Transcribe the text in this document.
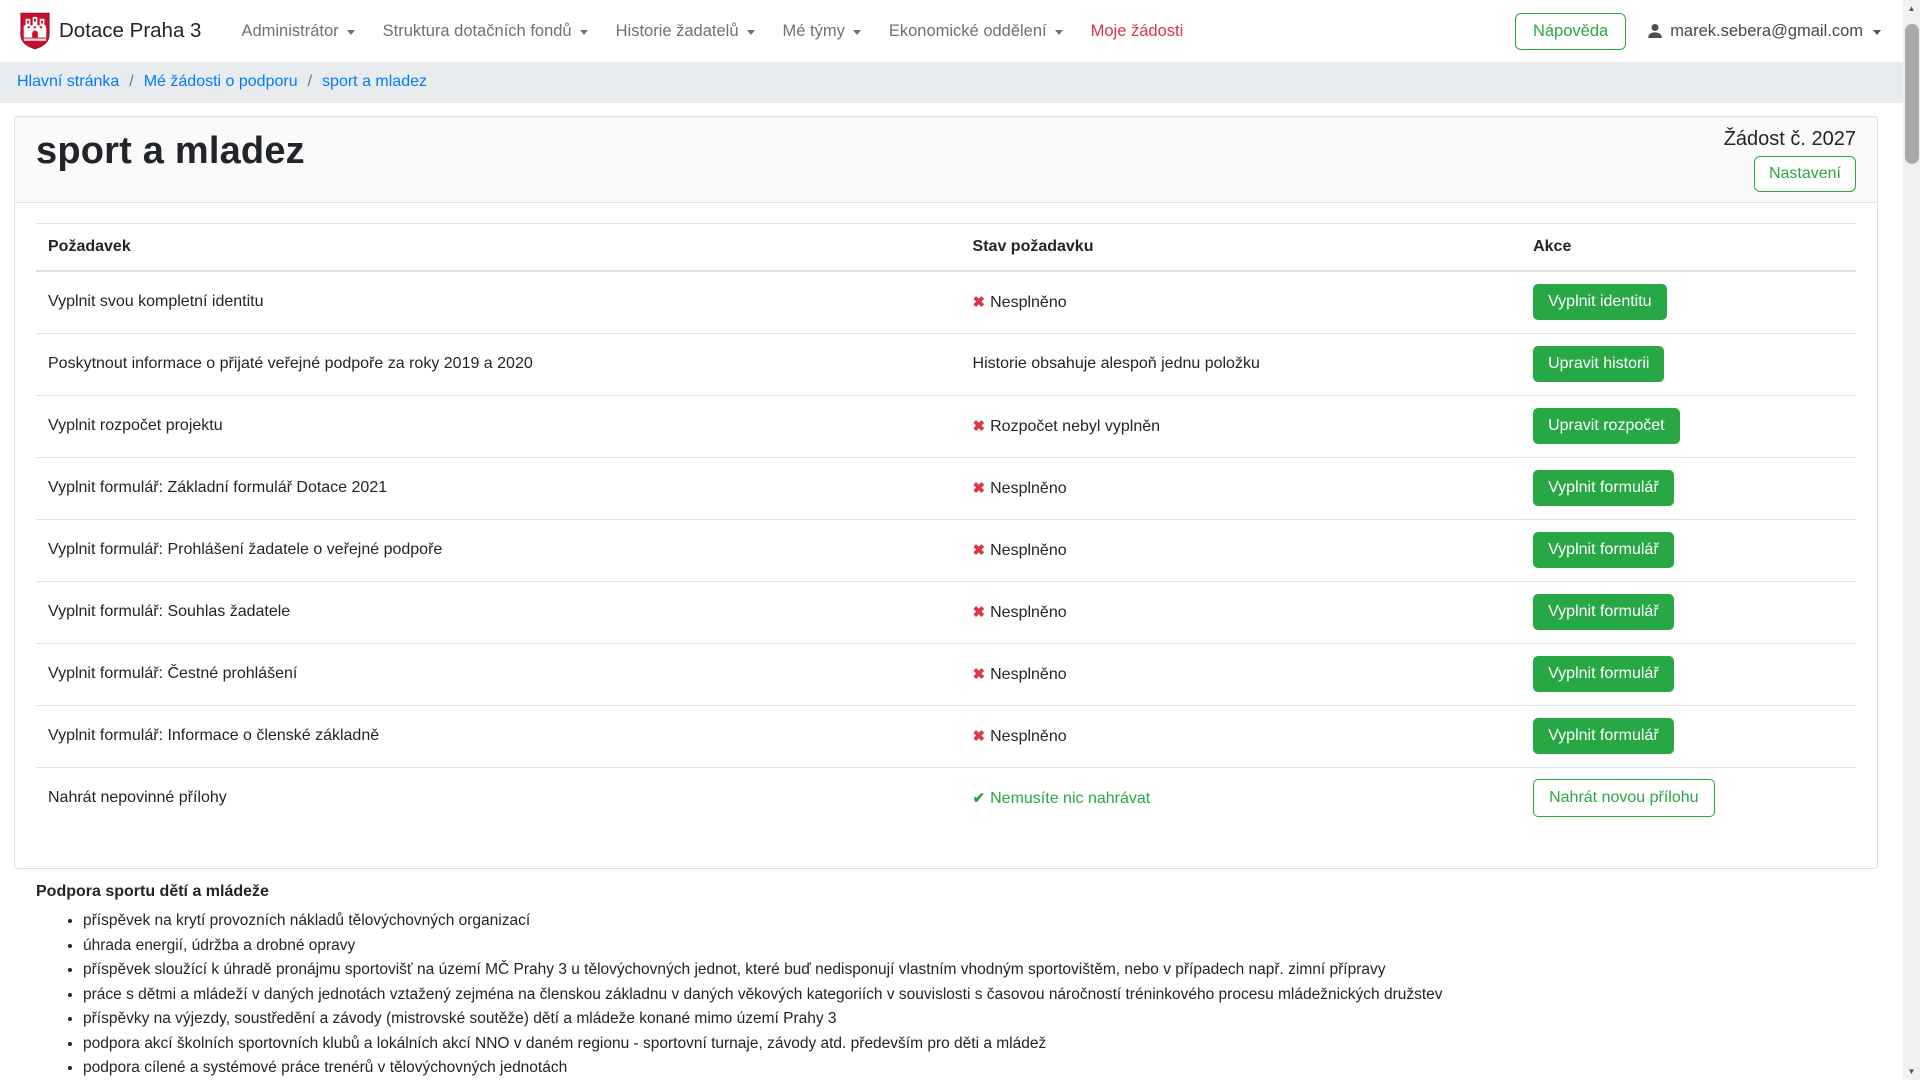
Dotace Praha 3 Administrátor	Struktura dotačních fondů	Historie žadatelů	Mé týmy	Ekonomické oddělení	Moje žádosti	Nápověda	marek.sebera@gmail.com
Hlavní stránka / Mé žádosti o podporu / sport a mladez
sport a mladez	Žádost č. 2027
Nastavení
Požadavek	Stav požadavku	Akce
Vyplnit svou kompletní identitu	✖ Nesplněno	Vyplnit identitu
Poskytnout informace o přijaté veřejné podpoře za roky 2019 a 2020	Historie obsahuje alespoň jednu položku	Upravit historii
Vyplnit rozpočet projektu	✖ Rozpočet nebyl vyplněn	Upravit rozpočet
Vyplnit formulář: Základní formulář Dotace 2021	✖ Nesplněno	Vyplnit formulář
Vyplnit formulář: Prohlášení žadatele o veřejné podpoře	✖ Nesplněno	Vyplnit formulář
Vyplnit formulář: Souhlas žadatele	✖ Nesplněno	Vyplnit formulář
Vyplnit formulář: Čestné prohlášení	✖ Nesplněno	Vyplnit formulář
Vyplnit formulář: Informace o členské základně	✖ Nesplněno	Vyplnit formulář
Nahrát nepovinné přílohy	✔ Nemusíte nic nahrávat	Nahrát novou přílohu
Podpora sportu dětí a mládeže
• příspěvek na krytí provozních nákladů tělovýchovných organizací
• úhrada energií, údržba a drobné opravy
• příspěvek sloužící k úhradě pronájmu sportovišť na území MČ Prahy 3 u tělovýchovných jednot, které buď nedisponují vlastním vhodným sportovištěm, nebo v případech např. zimní přípravy
• práce s dětmi a mládeží v daných jednotách vztažený zejména na členskou základnu v daných věkových kategoriích v souvislosti s časovou náročností tréninkového procesu mládežnických družstev
• příspěvky na výjezdy, soustředění a závody (mistrovské soutěže) dětí a mládeže konané mimo území Prahy 3
• podpora akcí školních sportovních klubů a lokálních akcí NNO v daném regionu - sportovní turnaje, závody atd. především pro děti a mládež
• podpora cílené a systémové práce trenérů v tělovýchovných jednotách
▲
▼
